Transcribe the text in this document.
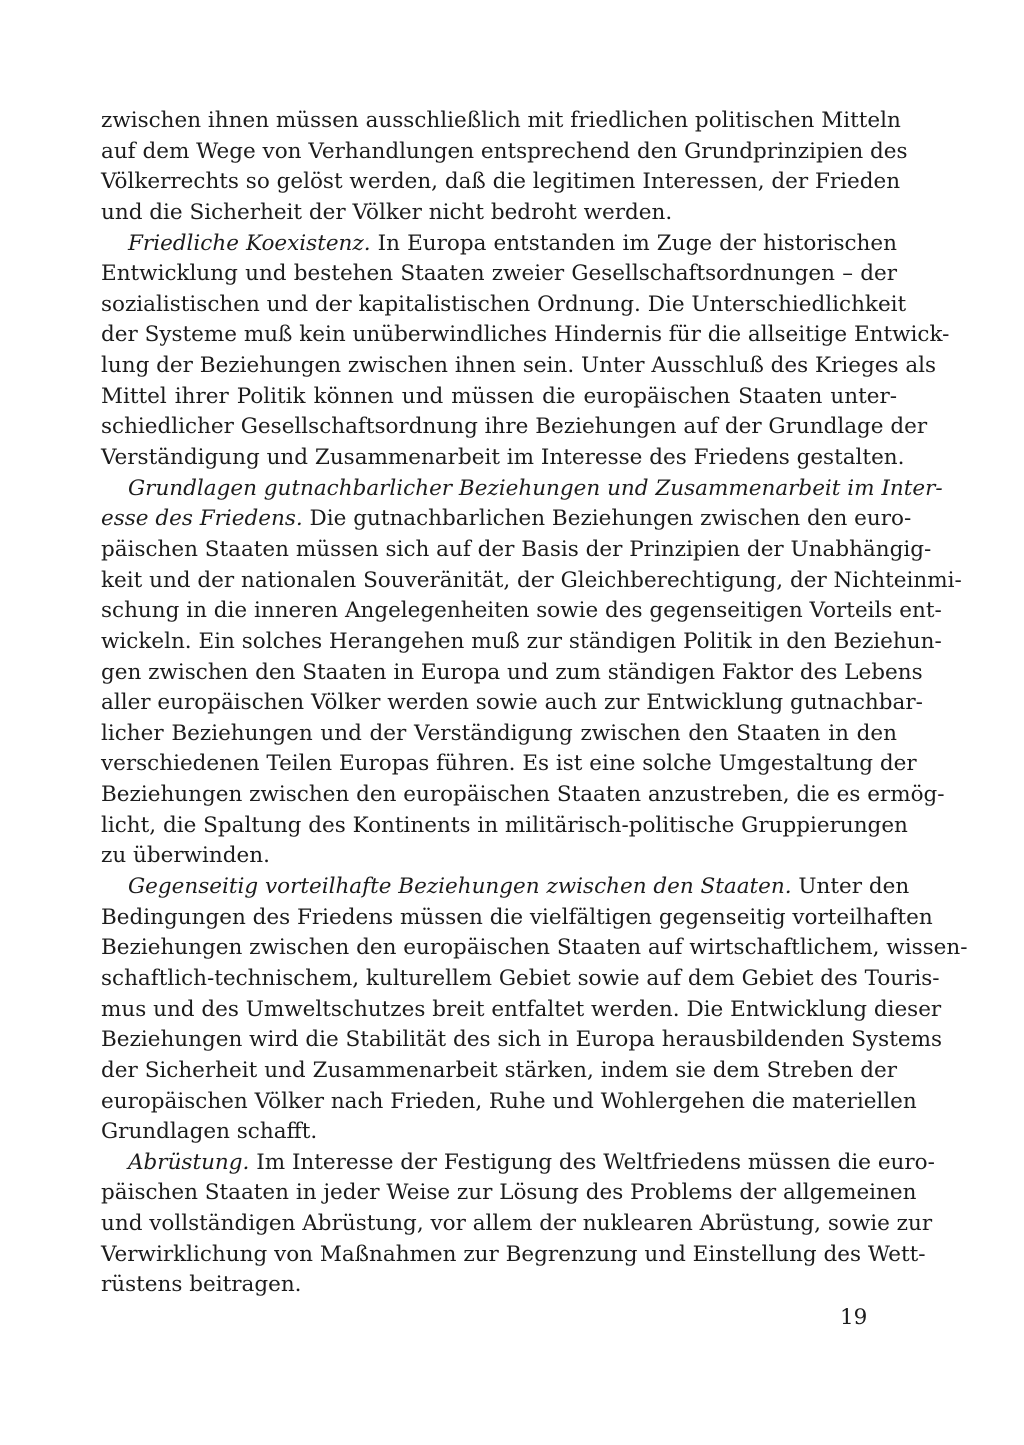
zwischen ihnen müssen ausschließlich mit friedlichen politischen Mitteln
auf dem Wege von Verhandlungen entsprechend den Grundprinzipien des
Völkerrechts so gelöst werden, daß die legitimen Interessen, der Frieden
und die Sicherheit der Völker nicht bedroht werden.
Friedliche Koexistenz. In Europa entstanden im Zuge der historischen
Entwicklung und bestehen Staaten zweier Gesellschaftsordnungen – der
sozialistischen und der kapitalistischen Ordnung. Die Unterschiedlichkeit
der Systeme muß kein unüberwindliches Hindernis für die allseitige Entwick-
lung der Beziehungen zwischen ihnen sein. Unter Ausschluß des Krieges als
Mittel ihrer Politik können und müssen die europäischen Staaten unter-
schiedlicher Gesellschaftsordnung ihre Beziehungen auf der Grundlage der
Verständigung und Zusammenarbeit im Interesse des Friedens gestalten.
Grundlagen gutnachbarlicher Beziehungen und Zusammenarbeit im Inter-
esse des Friedens. Die gutnachbarlichen Beziehungen zwischen den euro-
päischen Staaten müssen sich auf der Basis der Prinzipien der Unabhängig-
keit und der nationalen Souveränität, der Gleichberechtigung, der Nichteinmi-
schung in die inneren Angelegenheiten sowie des gegenseitigen Vorteils ent-
wickeln. Ein solches Herangehen muß zur ständigen Politik in den Beziehun-
gen zwischen den Staaten in Europa und zum ständigen Faktor des Lebens
aller europäischen Völker werden sowie auch zur Entwicklung gutnachbar-
licher Beziehungen und der Verständigung zwischen den Staaten in den
verschiedenen Teilen Europas führen. Es ist eine solche Umgestaltung der
Beziehungen zwischen den europäischen Staaten anzustreben, die es ermög-
licht, die Spaltung des Kontinents in militärisch-politische Gruppierungen
zu überwinden.
Gegenseitig vorteilhafte Beziehungen zwischen den Staaten. Unter den
Bedingungen des Friedens müssen die vielfältigen gegenseitig vorteilhaften
Beziehungen zwischen den europäischen Staaten auf wirtschaftlichem, wissen-
schaftlich-technischem, kulturellem Gebiet sowie auf dem Gebiet des Touris-
mus und des Umweltschutzes breit entfaltet werden. Die Entwicklung dieser
Beziehungen wird die Stabilität des sich in Europa herausbildenden Systems
der Sicherheit und Zusammenarbeit stärken, indem sie dem Streben der
europäischen Völker nach Frieden, Ruhe und Wohlergehen die materiellen
Grundlagen schafft.
Abrüstung. Im Interesse der Festigung des Weltfriedens müssen die euro-
päischen Staaten in jeder Weise zur Lösung des Problems der allgemeinen
und vollständigen Abrüstung, vor allem der nuklearen Abrüstung, sowie zur
Verwirklichung von Maßnahmen zur Begrenzung und Einstellung des Wett-
rüstens beitragen.
19
